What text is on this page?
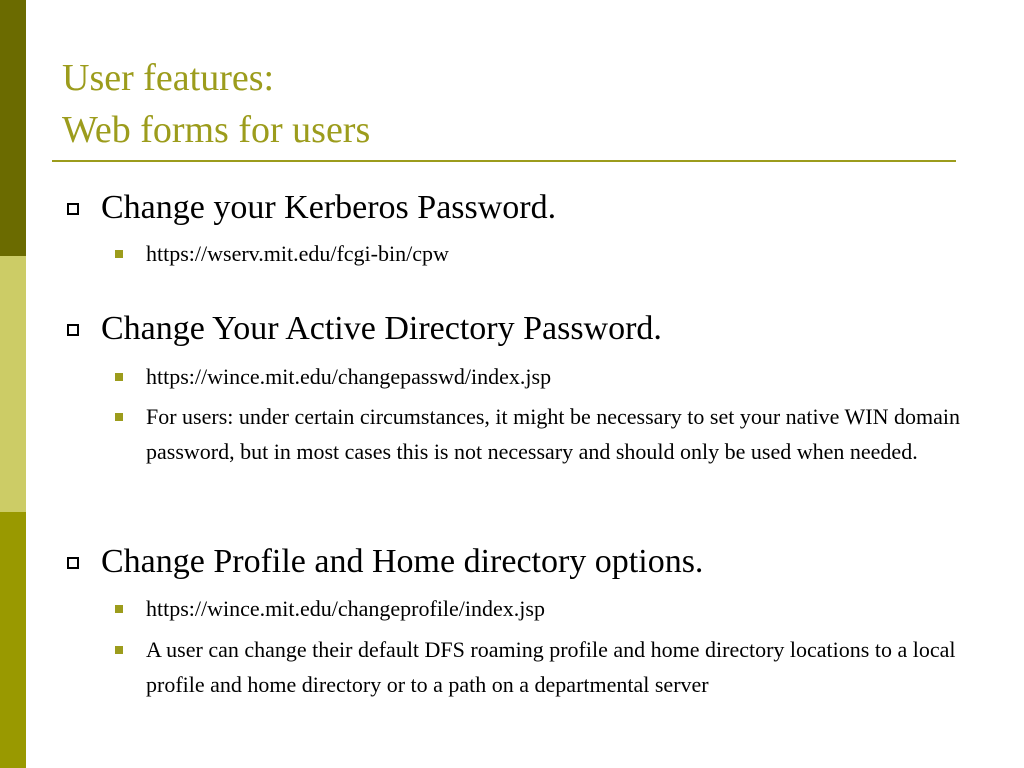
User features:
Web forms for users
Change your Kerberos Password.
https://wserv.mit.edu/fcgi-bin/cpw
Change Your Active Directory Password.
https://wince.mit.edu/changepasswd/index.jsp
For users: under certain circumstances, it might be necessary to set your native WIN domain password, but in most cases this is not necessary and should only be used when needed.
Change Profile and Home directory options.
https://wince.mit.edu/changeprofile/index.jsp
A user can change their default DFS roaming profile and home directory locations to a local profile and home directory or to a path on a departmental server
